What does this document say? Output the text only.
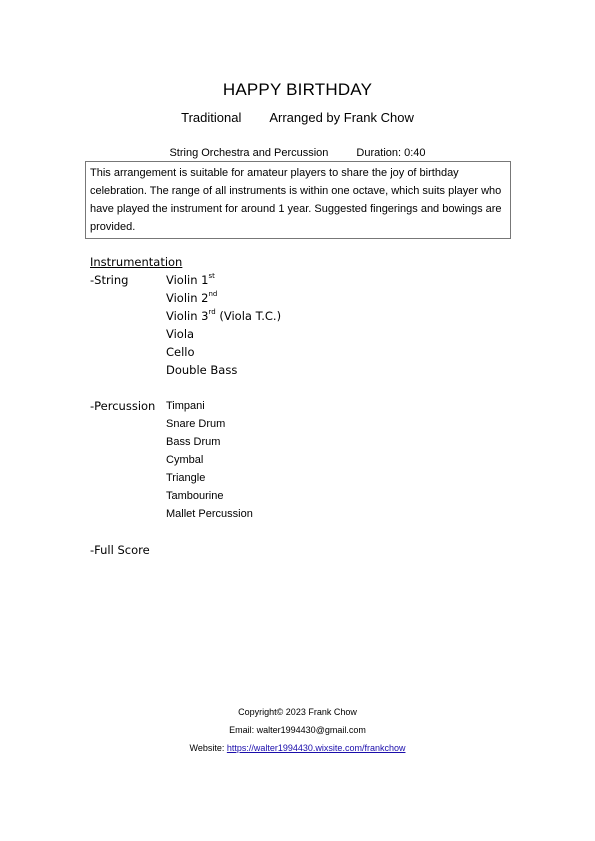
HAPPY BIRTHDAY
Traditional Arranged by Frank Chow
String Orchestra and Percussion	Duration: 0:40
This arrangement is suitable for amateur players to share the joy of birthday celebration. The range of all instruments is within one octave, which suits player who have played the instrument for around 1 year. Suggested fingerings and bowings are provided.
Instrumentation
-String	Violin 1st
Violin 2nd
Violin 3rd (Viola T.C.)
Viola
Cello
Double Bass
-Percussion Timpani
Snare Drum
Bass Drum
Cymbal
Triangle
Tambourine
Mallet Percussion
-Full Score
Copyright© 2023 Frank Chow
Email: walter1994430@gmail.com
Website: https://walter1994430.wixsite.com/frankchow
